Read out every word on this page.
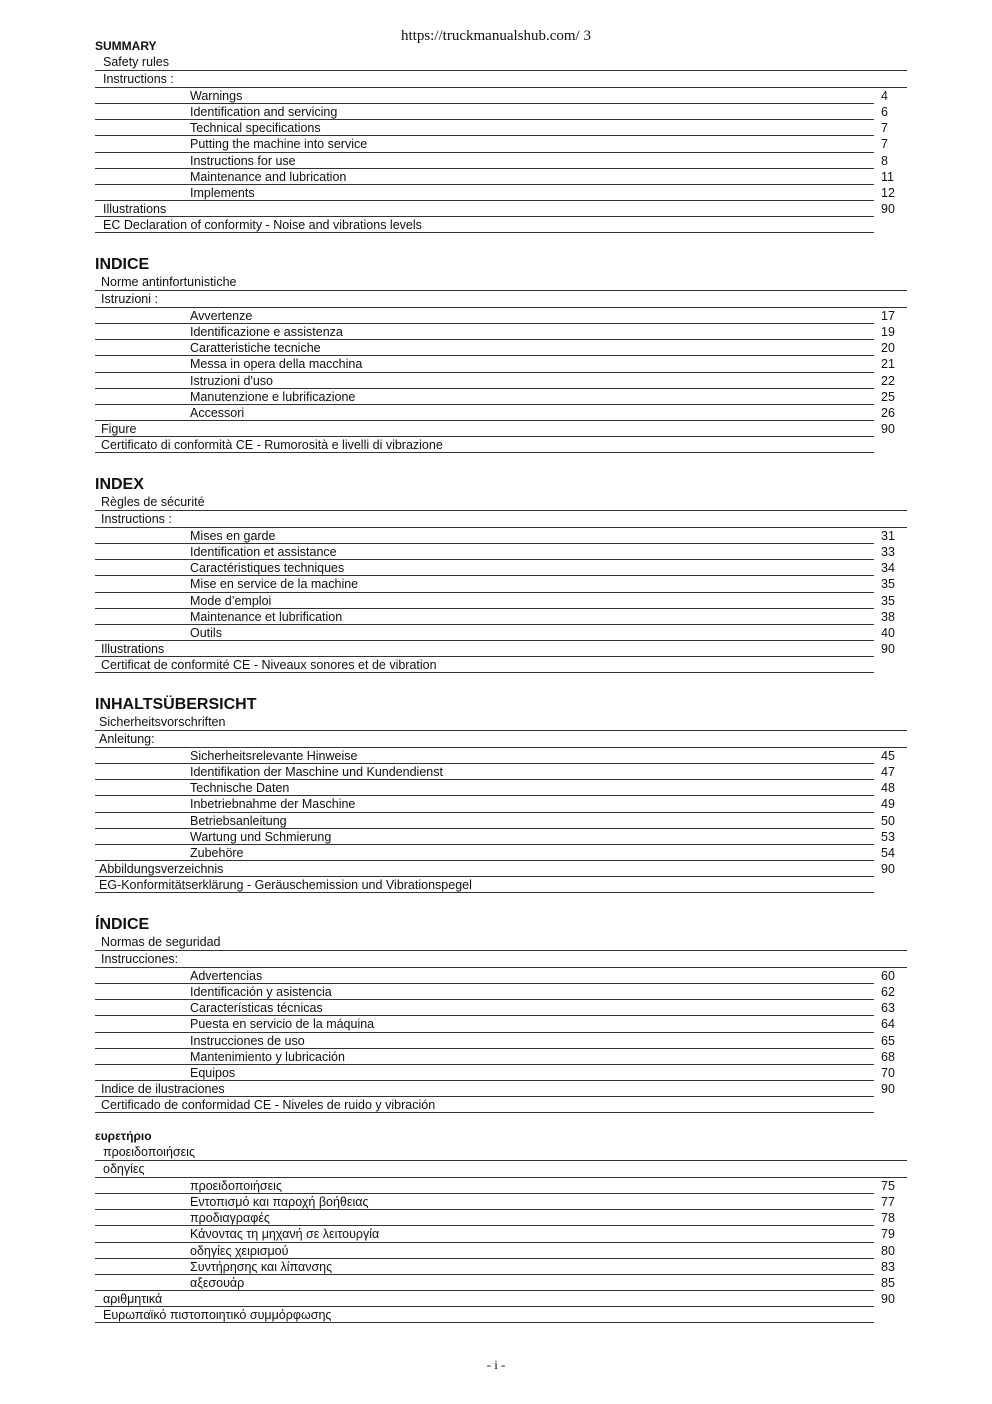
https://truckmanualshub.com/ 3
SUMMARY
Safety rules
Instructions :
Warnings	4
Identification and servicing	6
Technical specifications	7
Putting the machine into service	7
Instructions for use	8
Maintenance and lubrication	11
Implements	12
Illustrations	90
EC Declaration of conformity - Noise and vibrations levels
INDICE
Norme antinfortunistiche
Istruzioni :
Avvertenze	17
Identificazione e assistenza	19
Caratteristiche tecniche	20
Messa in opera della macchina	21
Istruzioni d'uso	22
Manutenzione e lubrificazione	25
Accessori	26
Figure	90
Certificato di conformità CE - Rumorosità e livelli di vibrazione
INDEX
Règles de sécurité
Instructions :
Mises en garde	31
Identification et assistance	33
Caractéristiques techniques	34
Mise en service de la machine	35
Mode d’emploi	35
Maintenance et lubrification	38
Outils	40
Illustrations	90
Certificat de conformité CE - Niveaux sonores et de vibration
INHALTSÜBERSICHT
Sicherheitsvorschriften
Anleitung:
Sicherheitsrelevante Hinweise	45
Identifikation der Maschine und Kundendienst	47
Technische Daten	48
Inbetriebnahme der Maschine	49
Betriebsanleitung	50
Wartung und Schmierung	53
Zubehöre	54
Abbildungsverzeichnis	90
EG-Konformitätserklärung - Geräuschemission und Vibrationspegel
ÍNDICE
Normas de seguridad
Instrucciones:
Advertencias	60
Identificación y asistencia	62
Características técnicas	63
Puesta en servicio de la máquina	64
Instrucciones de uso	65
Mantenimiento y lubricación	68
Equipos	70
Indice de ilustraciones	90
Certificado de conformidad CE - Niveles de ruido y vibración
ευρετήριο
προειδοποιήσεις
οδηγίες
προειδοποιήσεις	75
Εντοπισμό και παροχή βοήθειας	77
προδιαγραφές	78
Κάνοντας τη μηχανή σε λειτουργία	79
οδηγίες χειρισμού	80
Συντήρησης και λίπανσης	83
αξεσουάρ	85
αριθμητικά	90
Ευρωπαϊκό πιστοποιητικό συμμόρφωσης
- i -
